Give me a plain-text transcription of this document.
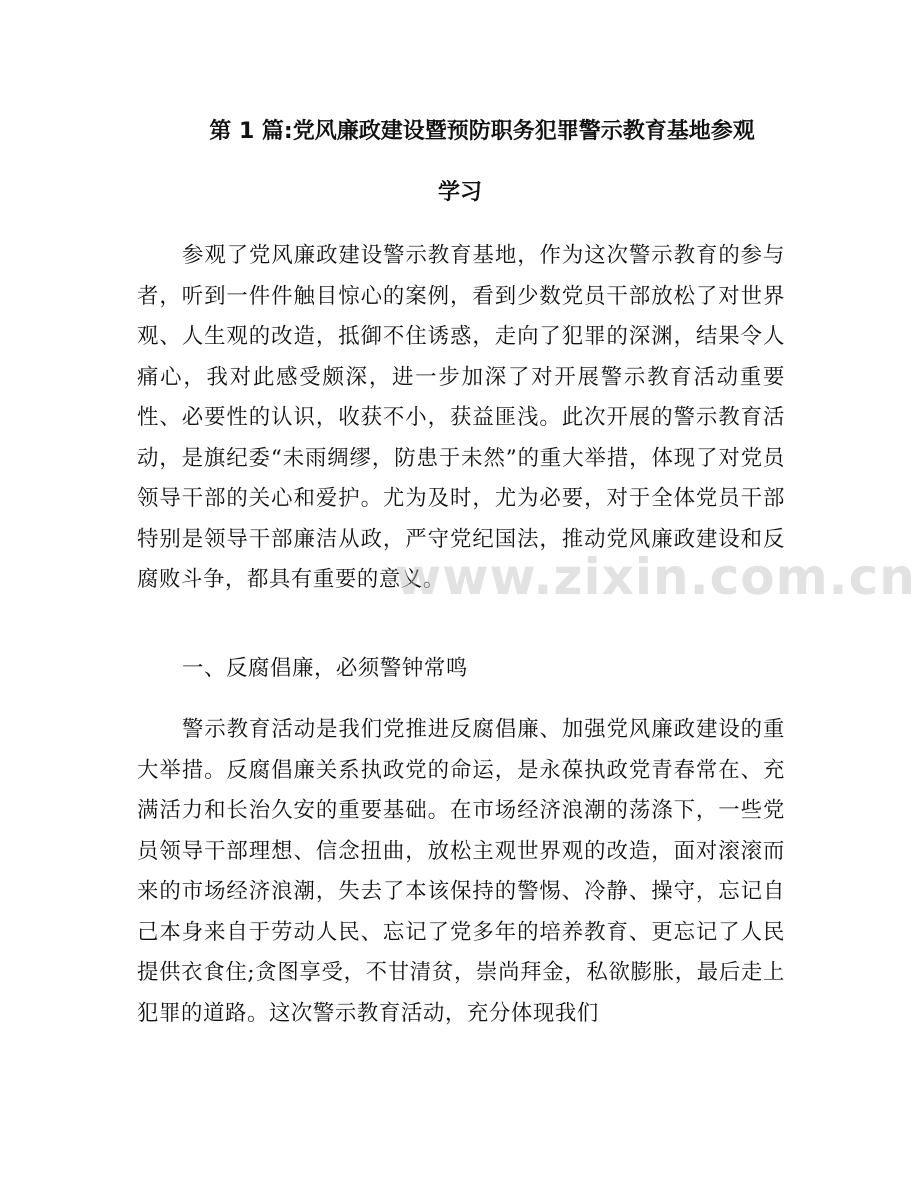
第 1 篇:党风廉政建设暨预防职务犯罪警示教育基地参观
学习

参观了党风廉政建设警示教育基地，作为这次警示教育的参与者，听到一件件触目惊心的案例，看到少数党员干部放松了对世界观、人生观的改造，抵御不住诱惑，走向了犯罪的深渊，结果令人痛心，我对此感受颇深，进一步加深了对开展警示教育活动重要性、必要性的认识，收获不小，获益匪浅。此次开展的警示教育活动，是旗纪委“未雨绸缪，防患于未然”的重大举措，体现了对党员领导干部的关心和爱护。尤为及时，尤为必要，对于全体党员干部特别是领导干部廉洁从政，严守党纪国法，推动党风廉政建设和反腐败斗争，都具有重要的意义。

一、反腐倡廉，必须警钟常鸣

警示教育活动是我们党推进反腐倡廉、加强党风廉政建设的重大举措。反腐倡廉关系执政党的命运，是永葆执政党青春常在、充满活力和长治久安的重要基础。在市场经济浪潮的荡涤下，一些党员领导干部理想、信念扭曲，放松主观世界观的改造，面对滚滚而来的市场经济浪潮，失去了本该保持的警惕、冷静、操守，忘记自己本身来自于劳动人民、忘记了党多年的培养教育、更忘记了人民提供衣食住;贪图享受，不甘清贫，崇尚拜金，私欲膨胀，最后走上犯罪的道路。这次警示教育活动，充分体现我们

www.zixin.com.cn
